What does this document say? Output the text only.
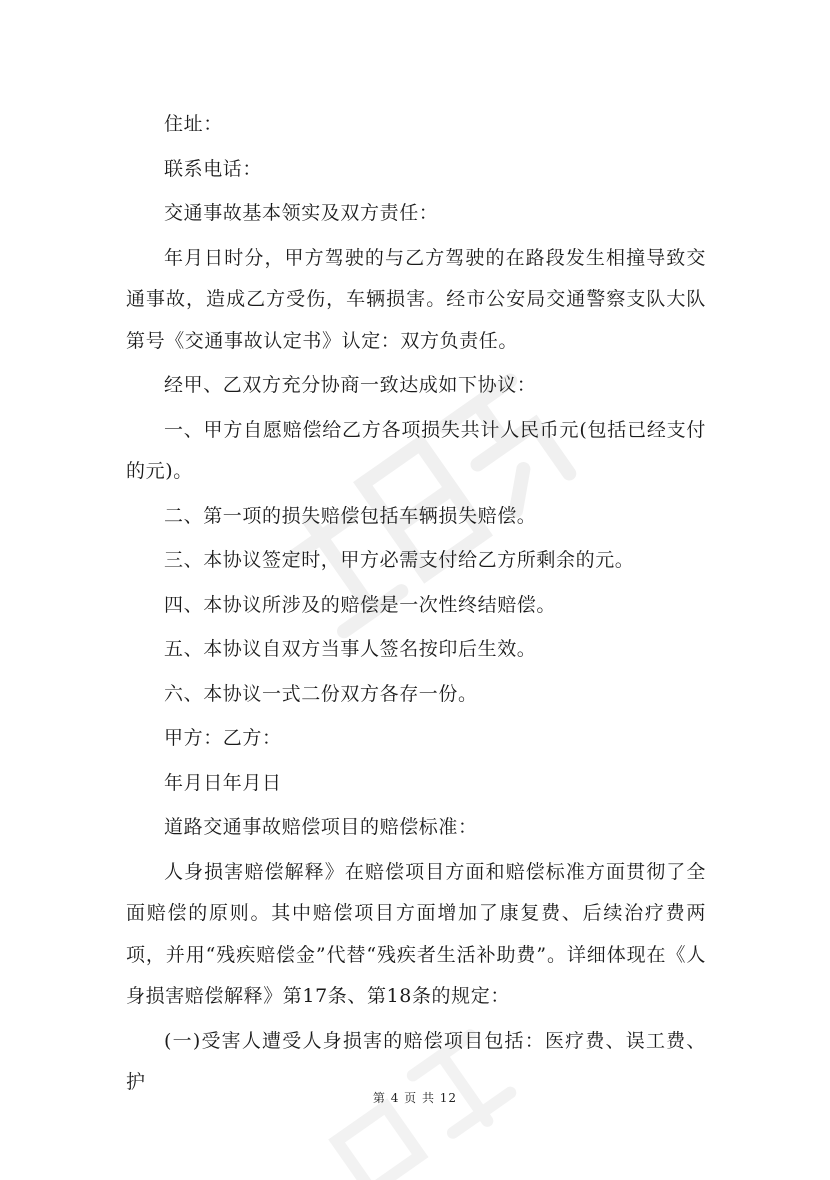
住址：

联系电话：

交通事故基本领实及双方责任：

年月日时分，甲方驾驶的与乙方驾驶的在路段发生相撞导致交通事故，造成乙方受伤，车辆损害。经市公安局交通警察支队大队第号《交通事故认定书》认定：双方负责任。

经甲、乙双方充分协商一致达成如下协议：

一、甲方自愿赔偿给乙方各项损失共计人民币元(包括已经支付的元)。

二、第一项的损失赔偿包括车辆损失赔偿。

三、本协议签定时，甲方必需支付给乙方所剩余的元。

四、本协议所涉及的赔偿是一次性终结赔偿。

五、本协议自双方当事人签名按印后生效。

六、本协议一式二份双方各存一份。

甲方：乙方：

年月日年月日

道路交通事故赔偿项目的赔偿标准：

人身损害赔偿解释》在赔偿项目方面和赔偿标准方面贯彻了全面赔偿的原则。其中赔偿项目方面增加了康复费、后续治疗费两项，并用“残疾赔偿金”代替“残疾者生活补助费”。详细体现在《人身损害赔偿解释》第17条、第18条的规定：

(一)受害人遭受人身损害的赔偿项目包括：医疗费、误工费、护

第 4 页 共 12
